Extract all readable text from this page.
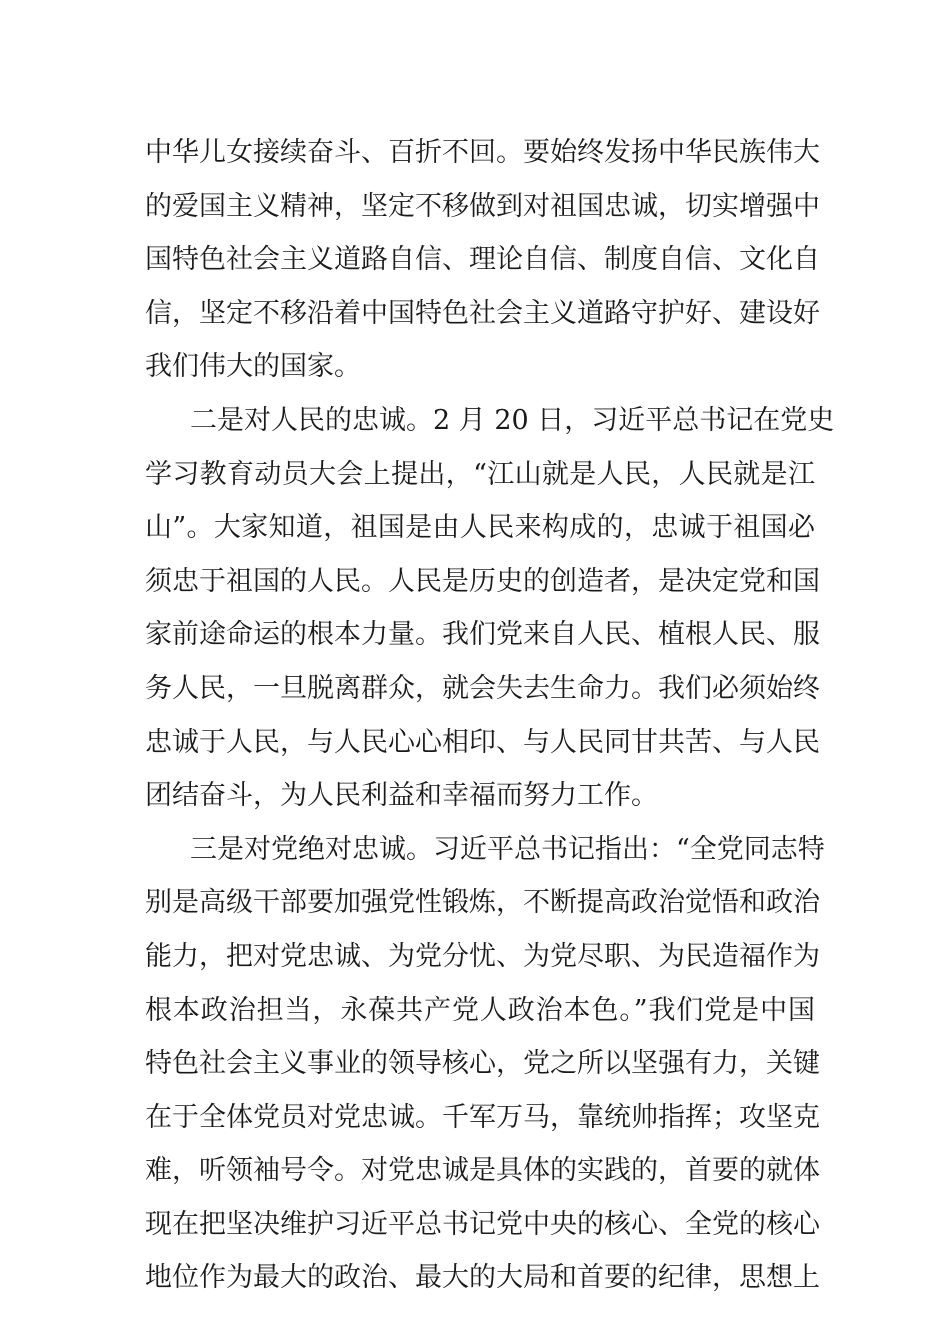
中华儿女接续奋斗、百折不回。要始终发扬中华民族伟大
的爱国主义精神，坚定不移做到对祖国忠诚，切实增强中
国特色社会主义道路自信、理论自信、制度自信、文化自
信，坚定不移沿着中国特色社会主义道路守护好、建设好
我们伟大的国家。
二是对人民的忠诚。2 月 20 日，习近平总书记在党史
学习教育动员大会上提出，“江山就是人民，人民就是江
山”。大家知道，祖国是由人民来构成的，忠诚于祖国必
须忠于祖国的人民。人民是历史的创造者，是决定党和国
家前途命运的根本力量。我们党来自人民、植根人民、服
务人民，一旦脱离群众，就会失去生命力。我们必须始终
忠诚于人民，与人民心心相印、与人民同甘共苦、与人民
团结奋斗，为人民利益和幸福而努力工作。
三是对党绝对忠诚。习近平总书记指出：“全党同志特
别是高级干部要加强党性锻炼，不断提高政治觉悟和政治
能力，把对党忠诚、为党分忧、为党尽职、为民造福作为
根本政治担当，永葆共产党人政治本色。”我们党是中国
特色社会主义事业的领导核心，党之所以坚强有力，关键
在于全体党员对党忠诚。千军万马，靠统帅指挥；攻坚克
难，听领袖号令。对党忠诚是具体的实践的，首要的就体
现在把坚决维护习近平总书记党中央的核心、全党的核心
地位作为最大的政治、最大的大局和首要的纪律，思想上
